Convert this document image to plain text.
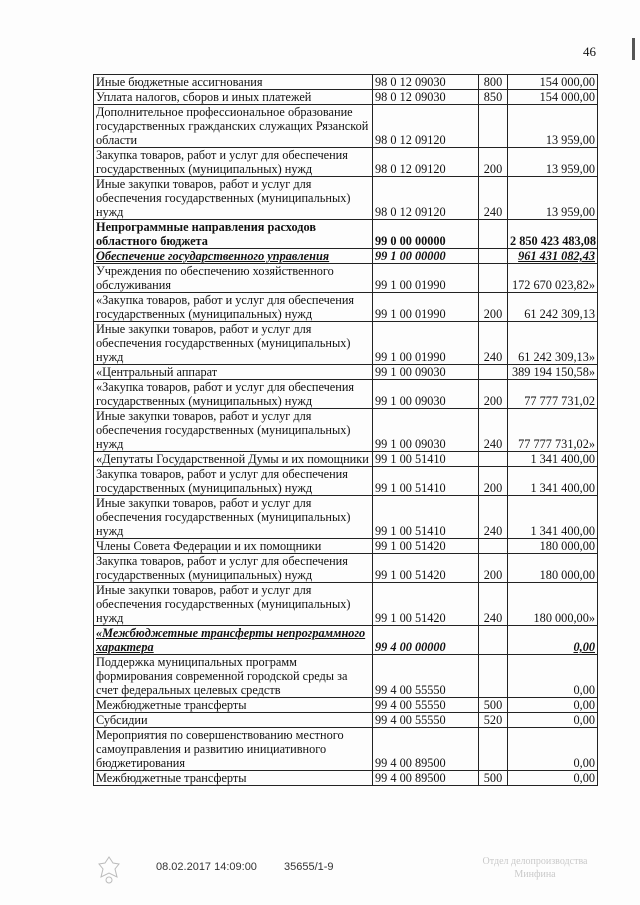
46
Иные бюджетные ассигнования	98 0 12 09030	800	154 000,00
Уплата налогов, сборов и иных платежей	98 0 12 09030	850	154 000,00
Дополнительное профессиональное образование государственных гражданских служащих Рязанской области	98 0 12 09120		13 959,00
Закупка товаров, работ и услуг для обеспечения государственных (муниципальных) нужд	98 0 12 09120	200	13 959,00
Иные закупки товаров, работ и услуг для обеспечения государственных (муниципальных) нужд	98 0 12 09120	240	13 959,00
Непрограммные направления расходов областного бюджета	99 0 00 00000		2 850 423 483,08
Обеспечение государственного управления	99 1 00 00000		961 431 082,43
Учреждения по обеспечению хозяйственного обслуживания	99 1 00 01990		172 670 023,82»
«Закупка товаров, работ и услуг для обеспечения государственных (муниципальных) нужд	99 1 00 01990	200	61 242 309,13
Иные закупки товаров, работ и услуг для обеспечения государственных (муниципальных) нужд	99 1 00 01990	240	61 242 309,13»
«Центральный аппарат	99 1 00 09030		389 194 150,58»
«Закупка товаров, работ и услуг для обеспечения государственных (муниципальных) нужд	99 1 00 09030	200	77 777 731,02
Иные закупки товаров, работ и услуг для обеспечения государственных (муниципальных) нужд	99 1 00 09030	240	77 777 731,02»
«Депутаты Государственной Думы и их помощники	99 1 00 51410		1 341 400,00
Закупка товаров, работ и услуг для обеспечения государственных (муниципальных) нужд	99 1 00 51410	200	1 341 400,00
Иные закупки товаров, работ и услуг для обеспечения государственных (муниципальных) нужд	99 1 00 51410	240	1 341 400,00
Члены Совета Федерации и их помощники	99 1 00 51420		180 000,00
Закупка товаров, работ и услуг для обеспечения государственных (муниципальных) нужд	99 1 00 51420	200	180 000,00
Иные закупки товаров, работ и услуг для обеспечения государственных (муниципальных) нужд	99 1 00 51420	240	180 000,00»
«Межбюджетные трансферты непрограммного характера	99 4 00 00000		0,00
Поддержка муниципальных программ формирования современной городской среды за счет федеральных целевых средств	99 4 00 55550		0,00
Межбюджетные трансферты	99 4 00 55550	500	0,00
Субсидии	99 4 00 55550	520	0,00
Мероприятия по совершенствованию местного самоуправления и развитию инициативного бюджетирования	99 4 00 89500		0,00
Межбюджетные трансферты	99 4 00 89500	500	0,00
08.02.2017 14:09:00 35655/1-9	Отдел делопроизводства Минфина
